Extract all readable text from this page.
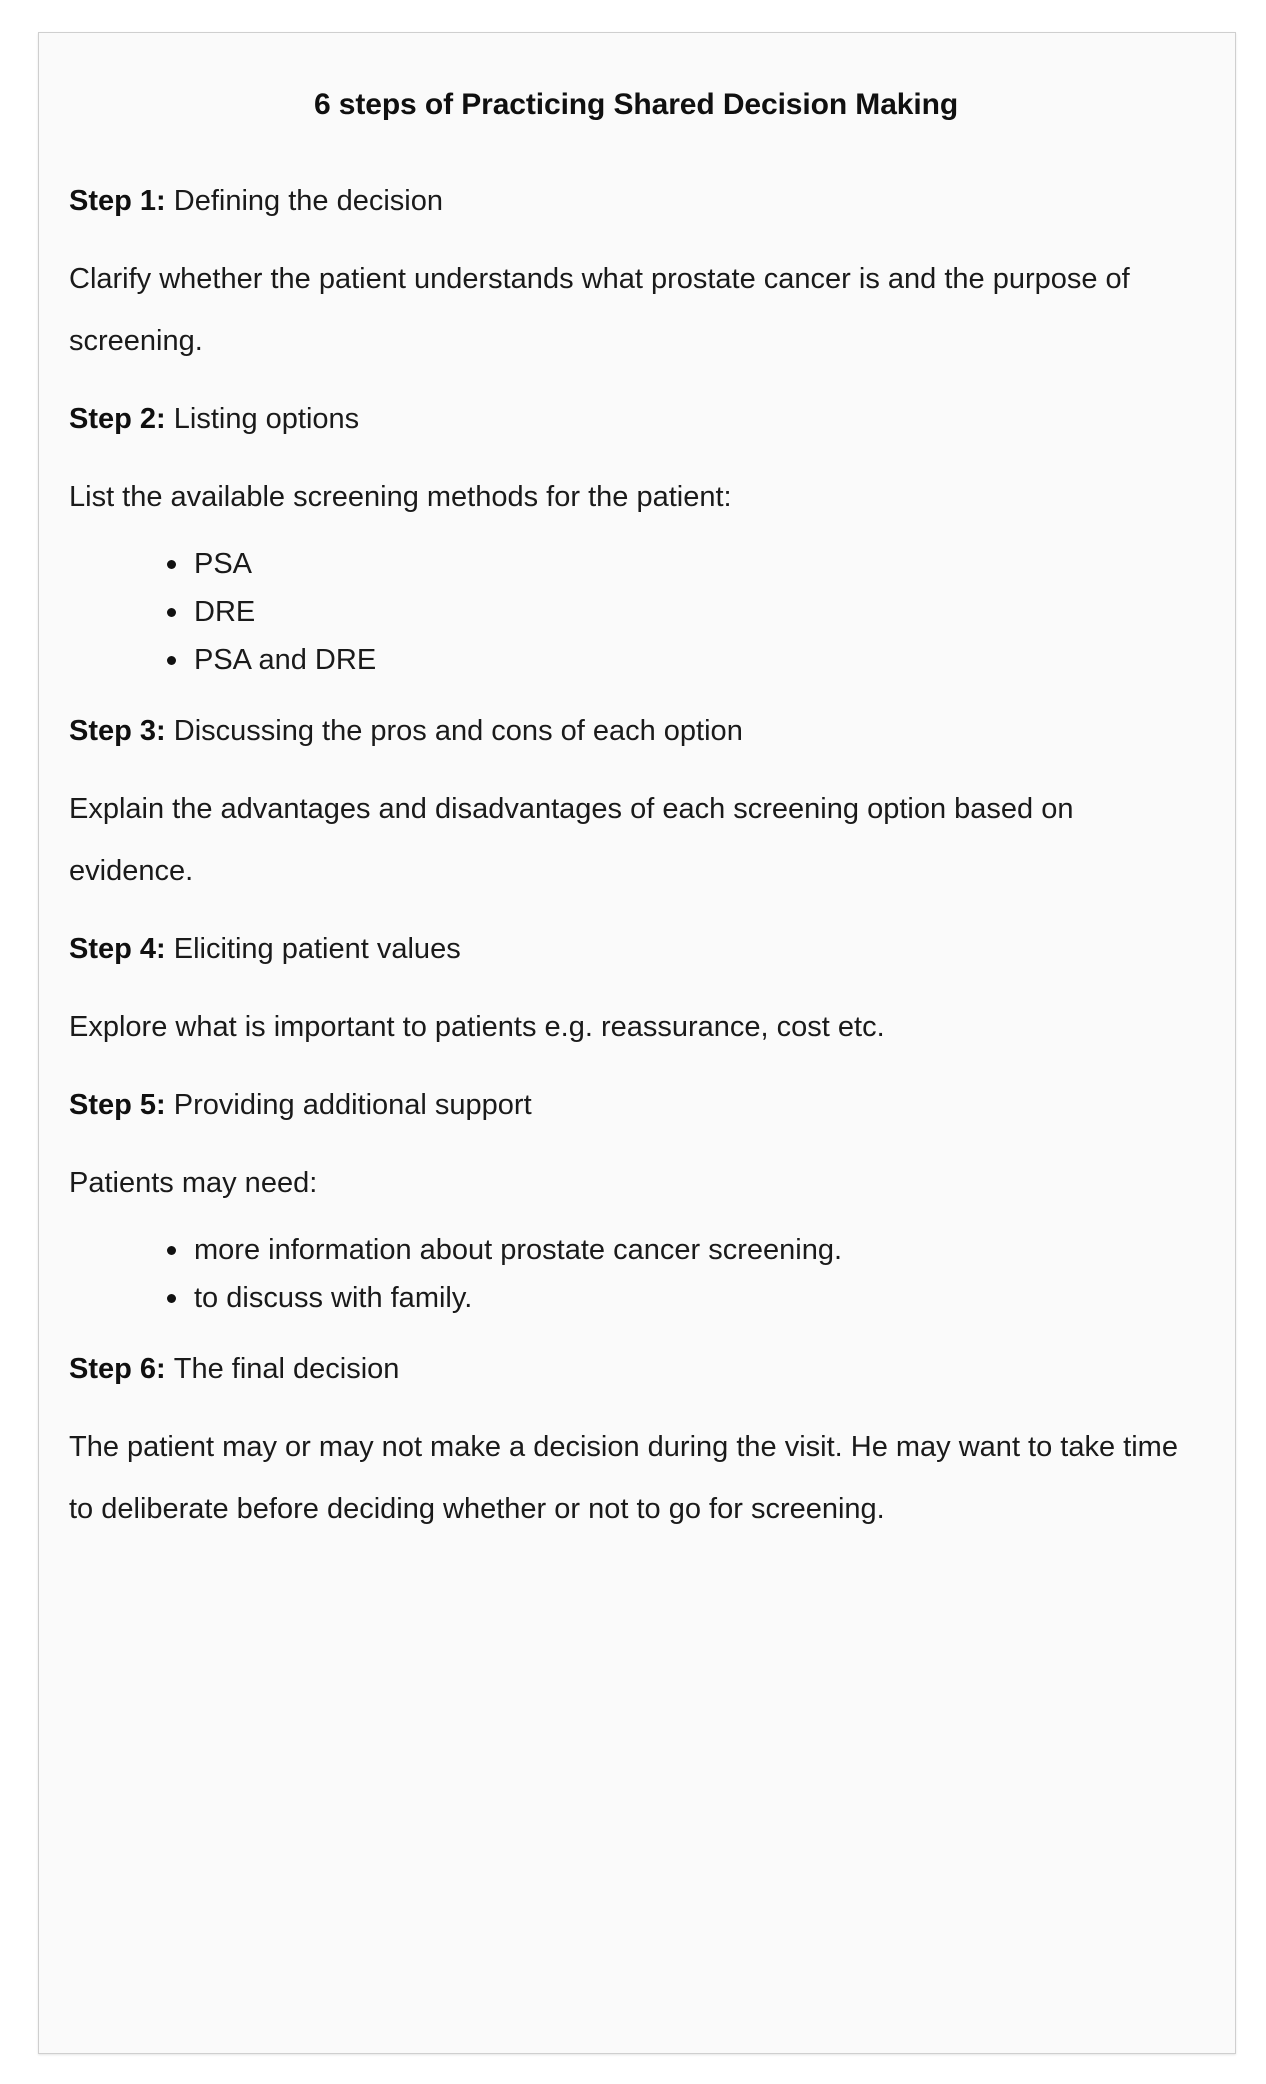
6 steps of Practicing Shared Decision Making

Step 1: Defining the decision

Clarify whether the patient understands what prostate cancer is and the purpose of screening.

Step 2: Listing options

List the available screening methods for the patient:

PSA
DRE
PSA and DRE

Step 3: Discussing the pros and cons of each option

Explain the advantages and disadvantages of each screening option based on evidence.

Step 4: Eliciting patient values

Explore what is important to patients e.g. reassurance, cost etc.

Step 5: Providing additional support

Patients may need:

more information about prostate cancer screening.
to discuss with family.

Step 6: The final decision

The patient may or may not make a decision during the visit. He may want to take time to deliberate before deciding whether or not to go for screening.
